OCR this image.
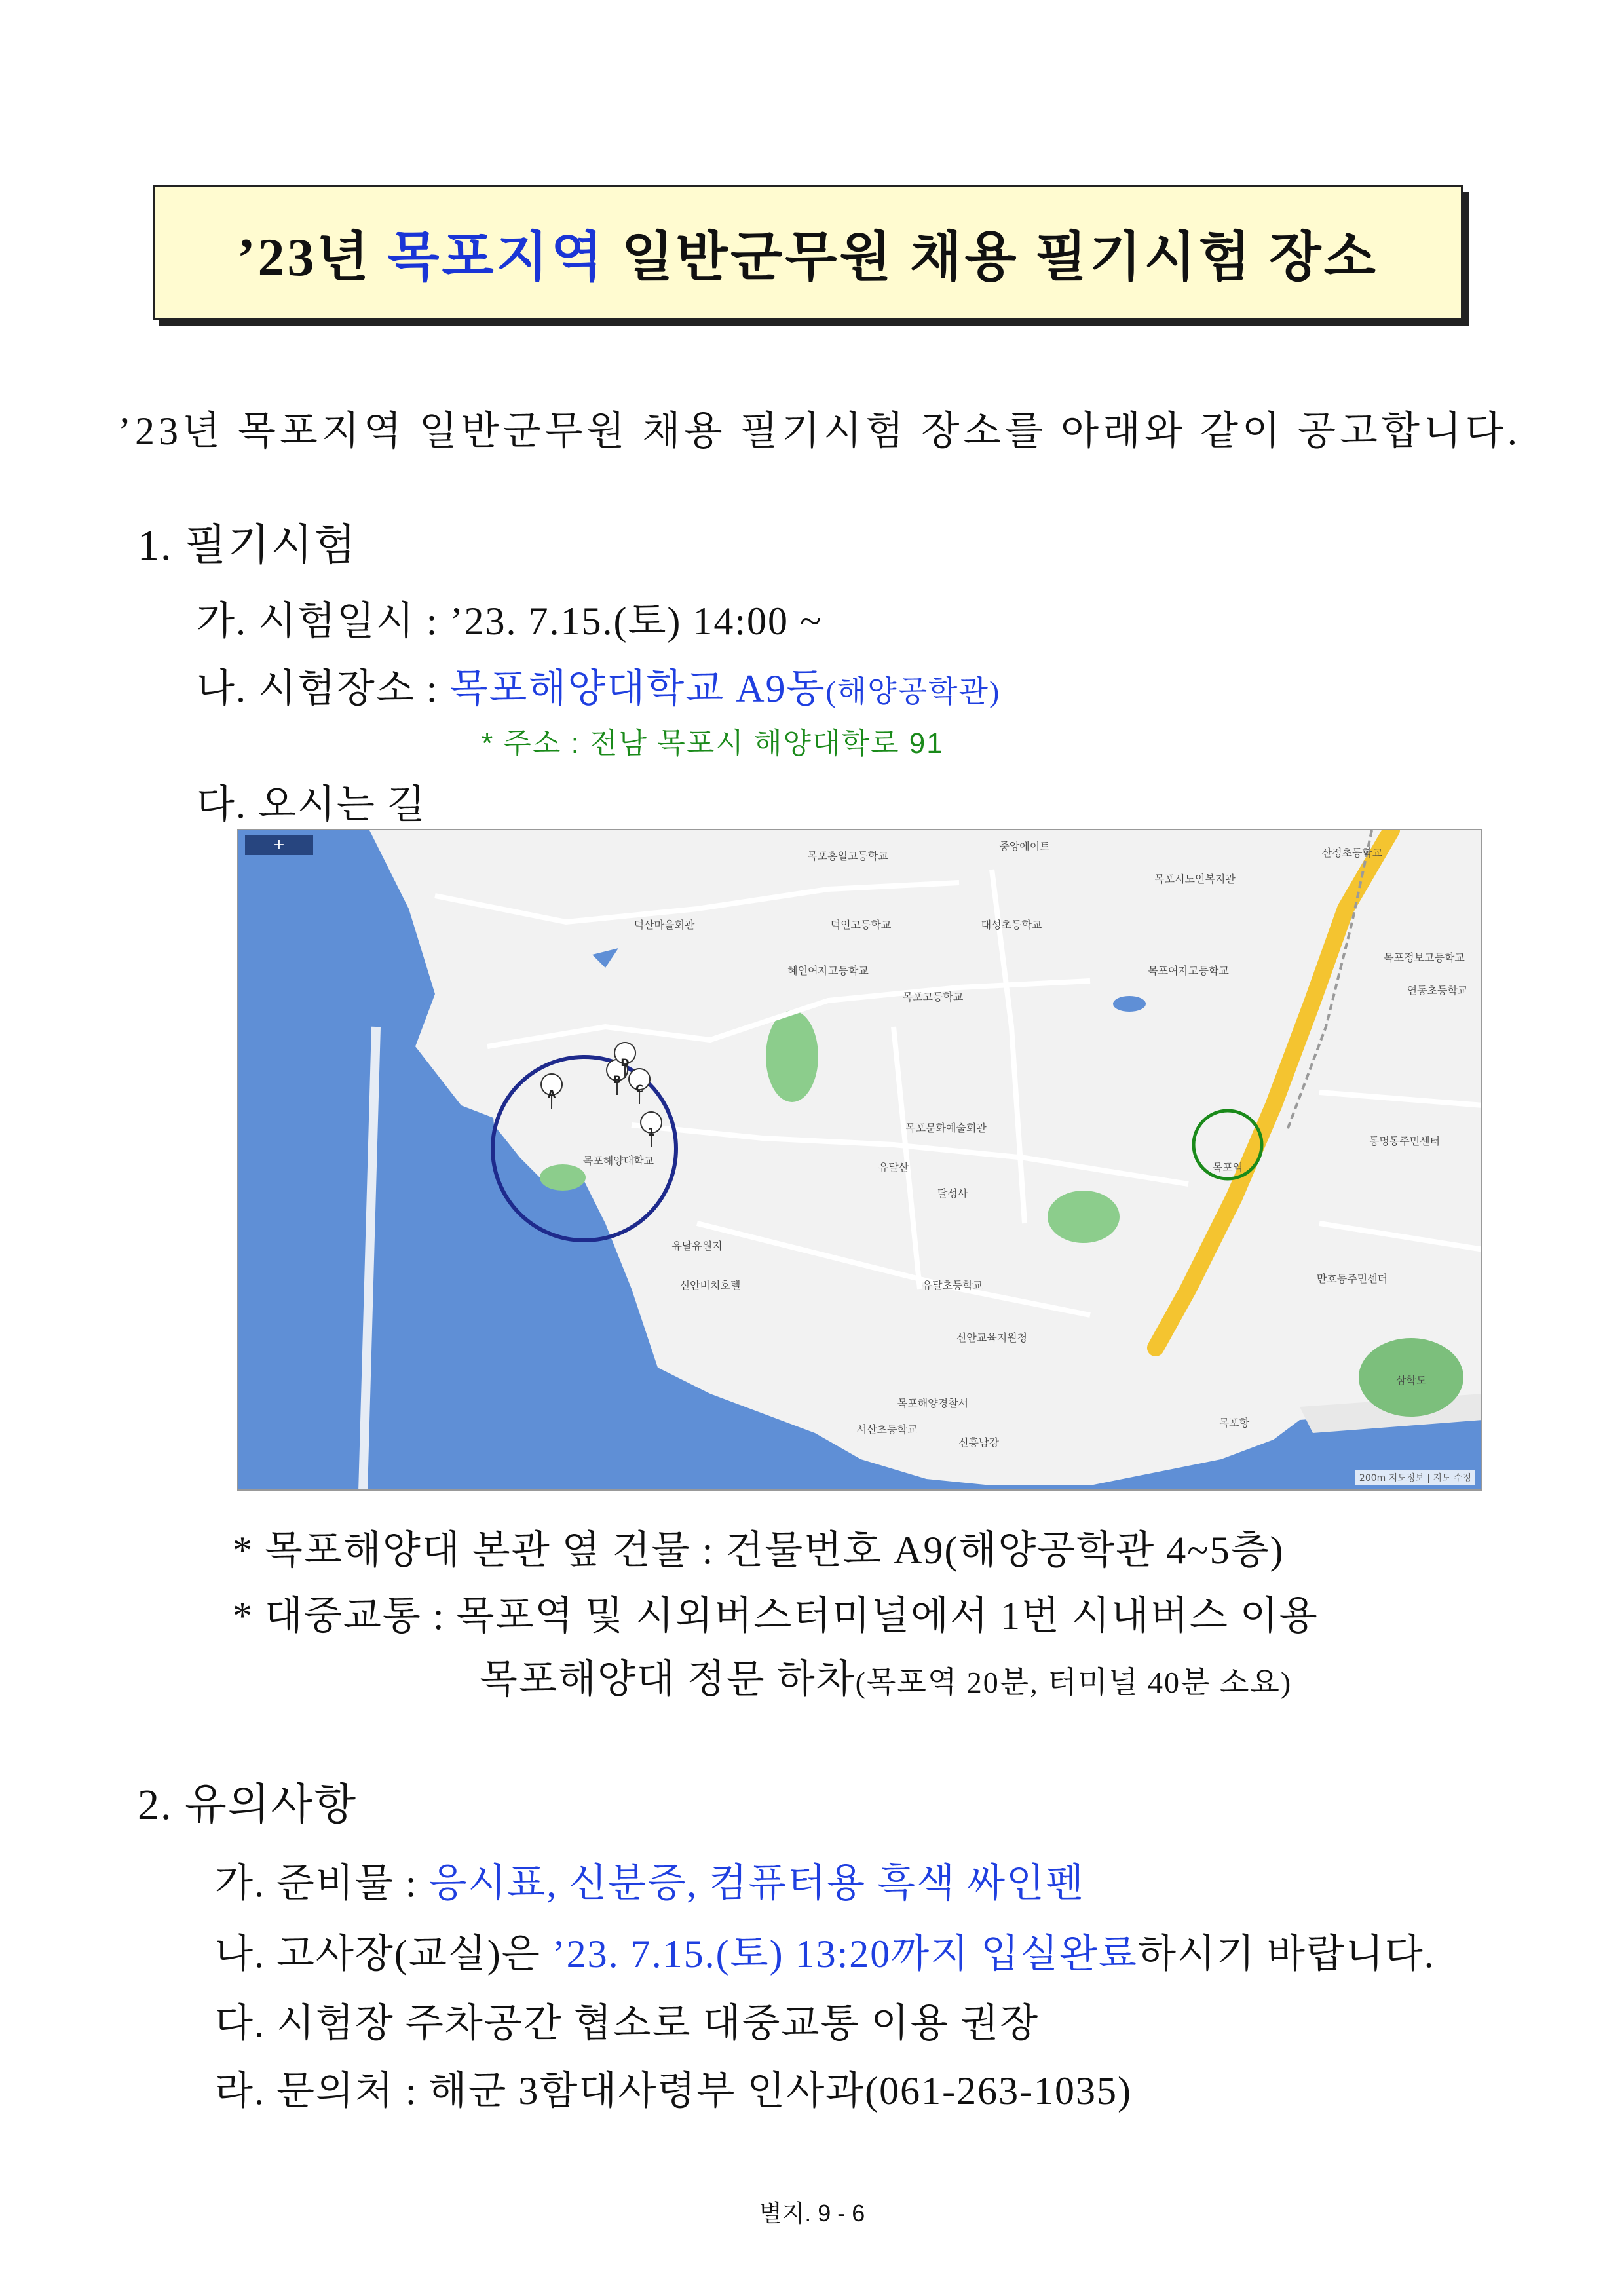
’23년 목포지역 일반군무원 채용 필기시험 장소
’23년 목포지역 일반군무원 채용 필기시험 장소를 아래와 같이 공고합니다.
1. 필기시험
가. 시험일시 : ’23. 7.15.(토) 14:00 ~
나. 시험장소 : 목포해양대학교 A9동(해양공학관)
* 주소 : 전남 목포시 해양대학로 91
다. 오시는 길
A
B
C
D
1
목포홍일고등학교
중앙에이트
산정초등학교
목포시노인복지관
덕산마을회관	덕인고등학교	대성초등학교
혜인여자고등학교	목포여자고등학교
목포고등학교
목포정보고등학교
연동초등학교
목포해양대학교
목포문화예술회관
유달산
달성사
유달유원지
목포역
신안비치호텔	유달초등학교
목포해양경찰서
서산초등학교
신안교육지원청
삼학도
목포항
동명동주민센터
만호동주민센터
신흥남강
+
200m 지도정보 | 지도 수정
* 목포해양대 본관 옆 건물 : 건물번호 A9(해양공학관 4~5층)
* 대중교통 : 목포역 및 시외버스터미널에서 1번 시내버스 이용
목포해양대 정문 하차(목포역 20분, 터미널 40분 소요)
2. 유의사항
가. 준비물 : 응시표, 신분증, 컴퓨터용 흑색 싸인펜
나. 고사장(교실)은 ’23. 7.15.(토) 13:20까지 입실완료하시기 바랍니다.
다. 시험장 주차공간 협소로 대중교통 이용 권장
라. 문의처 : 해군 3함대사령부 인사과(061-263-1035)
별지. 9 - 6
